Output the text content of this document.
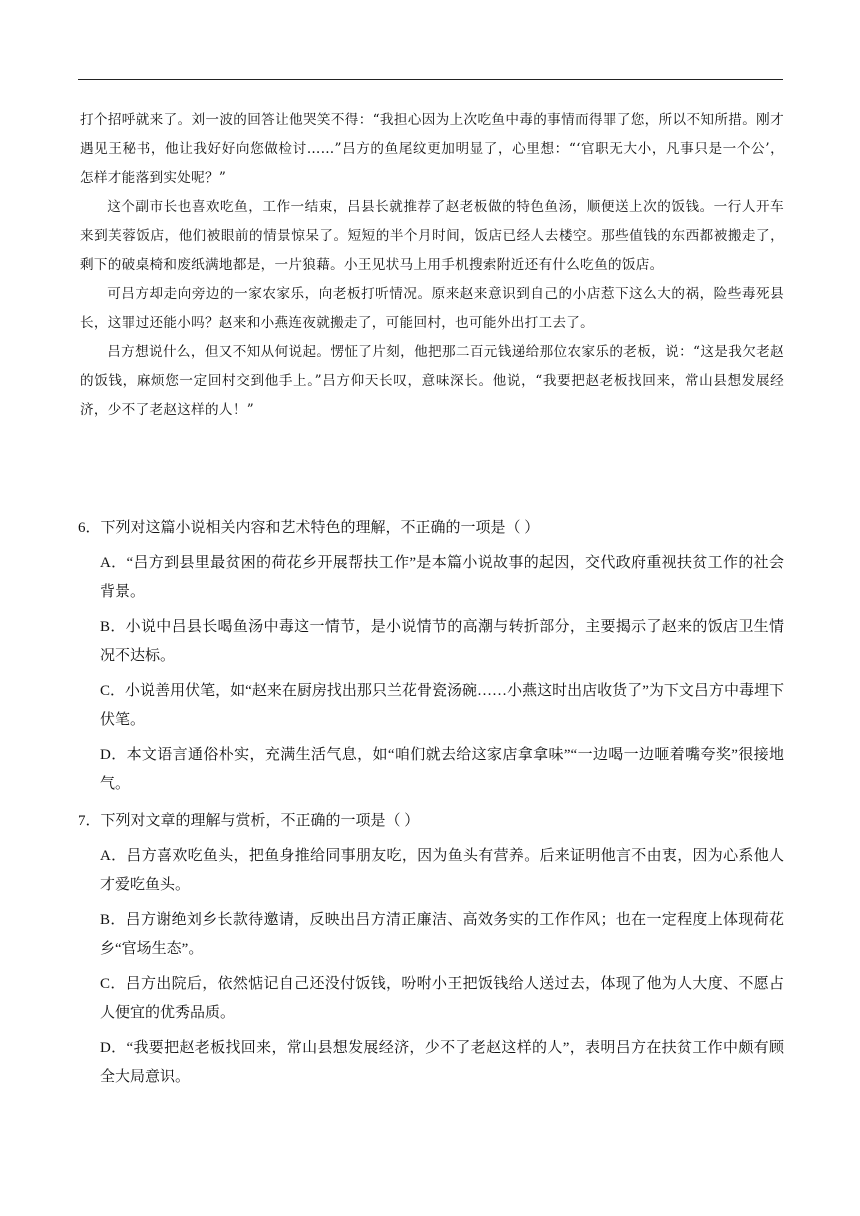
打个招呼就来了。刘一波的回答让他哭笑不得：“我担心因为上次吃鱼中毒的事情而得罪了您，所以不知所措。刚才遇见王秘书，他让我好好向您做检讨……”吕方的鱼尾纹更加明显了，心里想：“‘官职无大小，凡事只是一个公’，怎样才能落到实处呢？”

这个副市长也喜欢吃鱼，工作一结束，吕县长就推荐了赵老板做的特色鱼汤，顺便送上次的饭钱。一行人开车来到芙蓉饭店，他们被眼前的情景惊呆了。短短的半个月时间，饭店已经人去楼空。那些值钱的东西都被搬走了，剩下的破桌椅和废纸满地都是，一片狼藉。小王见状马上用手机搜索附近还有什么吃鱼的饭店。

可吕方却走向旁边的一家农家乐，向老板打听情况。原来赵来意识到自己的小店惹下这么大的祸，险些毒死县长，这罪过还能小吗？赵来和小燕连夜就搬走了，可能回村，也可能外出打工去了。

吕方想说什么，但又不知从何说起。愣怔了片刻，他把那二百元钱递给那位农家乐的老板，说：“这是我欠老赵的饭钱，麻烦您一定回村交到他手上。”吕方仰天长叹，意味深长。他说，“我要把赵老板找回来，常山县想发展经济，少不了老赵这样的人！”

6．下列对这篇小说相关内容和艺术特色的理解，不正确的一项是（ ）

A．“吕方到县里最贫困的荷花乡开展帮扶工作”是本篇小说故事的起因，交代政府重视扶贫工作的社会背景。

B．小说中吕县长喝鱼汤中毒这一情节，是小说情节的高潮与转折部分，主要揭示了赵来的饭店卫生情况不达标。

C．小说善用伏笔，如“赵来在厨房找出那只兰花骨瓷汤碗……小燕这时出店收货了”为下文吕方中毒埋下伏笔。

D．本文语言通俗朴实，充满生活气息，如“咱们就去给这家店拿拿味”“一边喝一边咂着嘴夸奖”很接地气。

7．下列对文章的理解与赏析，不正确的一项是（ ）

A．吕方喜欢吃鱼头，把鱼身推给同事朋友吃，因为鱼头有营养。后来证明他言不由衷，因为心系他人才爱吃鱼头。

B．吕方谢绝刘乡长款待邀请，反映出吕方清正廉洁、高效务实的工作作风；也在一定程度上体现荷花乡“官场生态”。

C．吕方出院后，依然惦记自己还没付饭钱，吩咐小王把饭钱给人送过去，体现了他为人大度、不愿占人便宜的优秀品质。

D．“我要把赵老板找回来，常山县想发展经济，少不了老赵这样的人”，表明吕方在扶贫工作中颇有顾全大局意识。
